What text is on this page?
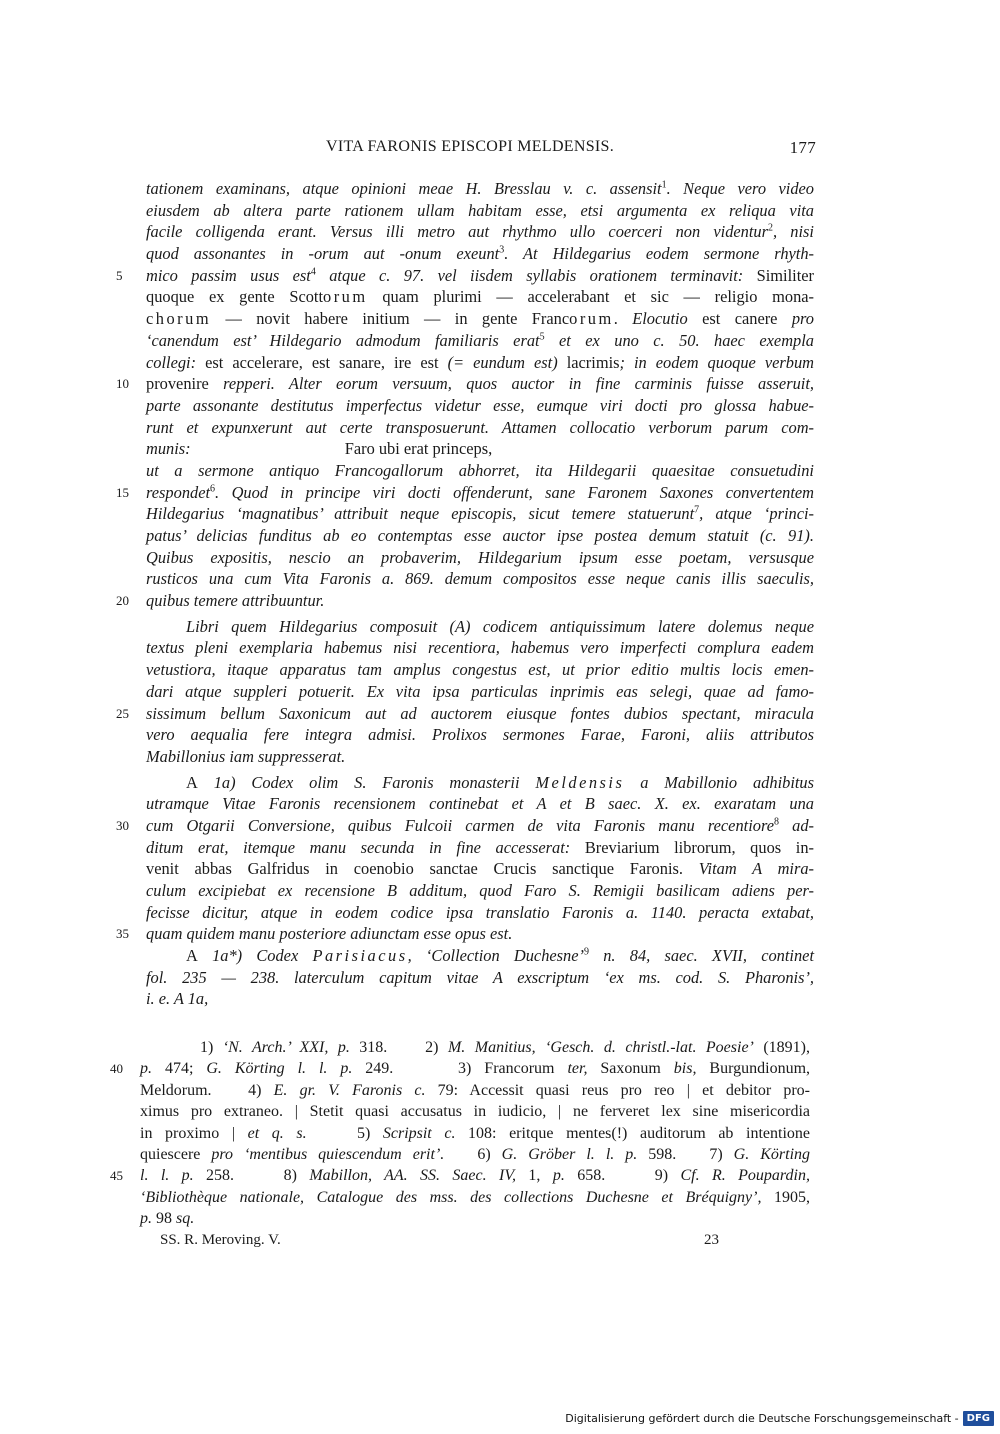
VITA FARONIS EPISCOPI MELDENSIS.	177
tationem examinans, atque opinioni meae H. Bresslau v. c. assensit$^1$. Neque vero video
eiusdem ab altera parte rationem ullam habitam esse, etsi argumenta ex reliqua vita
facile colligenda erant. Versus illi metro aut rhythmo ullo coerceri non videntur$^2$, nisi
quod assonantes in -orum aut -onum exeunt$^3$. At Hildegarius eodem sermone rhyth-
mico passim usus est$^4$ atque c. 97. vel iisdem syllabis orationem terminavit: Similiter
5
quoque ex gente Scottorum quam plurimi — accelerabant et sic — religio mona-
chorum — novit habere initium — in gente Francorum. Elocutio est canere pro
‘canendum est’ Hildegario admodum familiaris erat$^5$ et ex uno c. 50. haec exempla
collegi: est accelerare, est sanare, ire est (= eundum est) lacrimis; in eodem quoque verbum
provenire repperi. Alter eorum versuum, quos auctor in fine carminis fuisse asseruit,
10
parte assonante destitutus imperfectus videtur esse, eumque viri docti pro glossa habue-
runt et expunxerunt aut certe transposuerunt. Attamen collocatio verborum parum com-
munis:	Faro ubi erat princeps,
ut a sermone antiquo Francogallorum abhorret, ita Hildegarii quaesitae consuetudini
respondet$^6$. Quod in principe viri docti offenderunt, sane Faronem Saxones convertentem
15
Hildegarius ‘magnatibus’ attribuit neque episcopis, sicut temere statuerunt$^7$, atque ‘princi-
patus’ delicias funditus ab eo contemptas esse auctor ipse postea demum statuit (c. 91).
Quibus expositis, nescio an probaverim, Hildegarium ipsum esse poetam, versusque
rusticos una cum Vita Faronis a. 869. demum compositos esse neque canis illis saeculis,
quibus temere attribuuntur.
20
Libri quem Hildegarius composuit (A) codicem antiquissimum latere dolemus neque
textus pleni exemplaria habemus nisi recentiora, habemus vero imperfecti complura eadem
vetustiora, itaque apparatus tam amplus congestus est, ut prior editio multis locis emen-
dari atque suppleri potuerit. Ex vita ipsa particulas inprimis eas selegi, quae ad famo-
sissimum bellum Saxonicum aut ad auctorem eiusque fontes dubios spectant, miracula
25
vero aequalia fere integra admisi. Prolixos sermones Farae, Faroni, aliis attributos
Mabillonius iam suppresserat.
A 1a) Codex olim S. Faronis monasterii Meldensis a Mabillonio adhibitus
utramque Vitae Faronis recensionem continebat et A et B saec. X. ex. exaratam una
cum Otgarii Conversione, quibus Fulcoii carmen de vita Faronis manu recentiore$^8$ ad-
30
ditum erat, itemque manu secunda in fine accesserat: Breviarium librorum, quos in-
venit abbas Galfridus in coenobio sanctae Crucis sanctique Faronis. Vitam A mira-
culum excipiebat ex recensione B additum, quod Faro S. Remigii basilicam adiens per-
fecisse dicitur, atque in eodem codice ipsa translatio Faronis a. 1140. peracta extabat,
quam quidem manu posteriore adiunctam esse opus est.
35
A 1a*) Codex Parisiacus, ‘Collection Duchesne’$^9$ n. 84, saec. XVII, continet
fol. 235 — 238. laterculum capitum vitae A exscriptum ‘ex ms. cod. S. Pharonis’,
i. e. A 1a,
1) ‘N. Arch.’ XXI, p. 318.    2) M. Manitius, ‘Gesch. d. christl.-lat. Poesie’ (1891),
p. 474; G. Körting l. l. p. 249.     3) Francorum ter, Saxonum bis, Burgundionum,
40
Meldorum.   4) E. gr. V. Faronis c. 79: Accessit quasi reus pro reo | et debitor pro-
ximus pro extraneo. | Stetit quasi accusatus in iudicio, | ne ferveret lex sine misericordia
in proximo | et q. s.    5) Scripsit c. 108: eritque mentes(!) auditorum ab intentione
quiescere pro ‘mentibus quiescendum erit’.   6) G. Gröber l. l. p. 598.   7) G. Körting
l. l. p. 258.    8) Mabillon, AA. SS. Saec. IV, 1, p. 658.    9) Cf. R. Poupardin,
45
‘Bibliothèque nationale, Catalogue des mss. des collections Duchesne et Bréquigny’, 1905,
p. 98 sq.
SS. R. Meroving. V.	23
Digitalisierung gefördert durch die Deutsche Forschungsgemeinschaft - DFG
